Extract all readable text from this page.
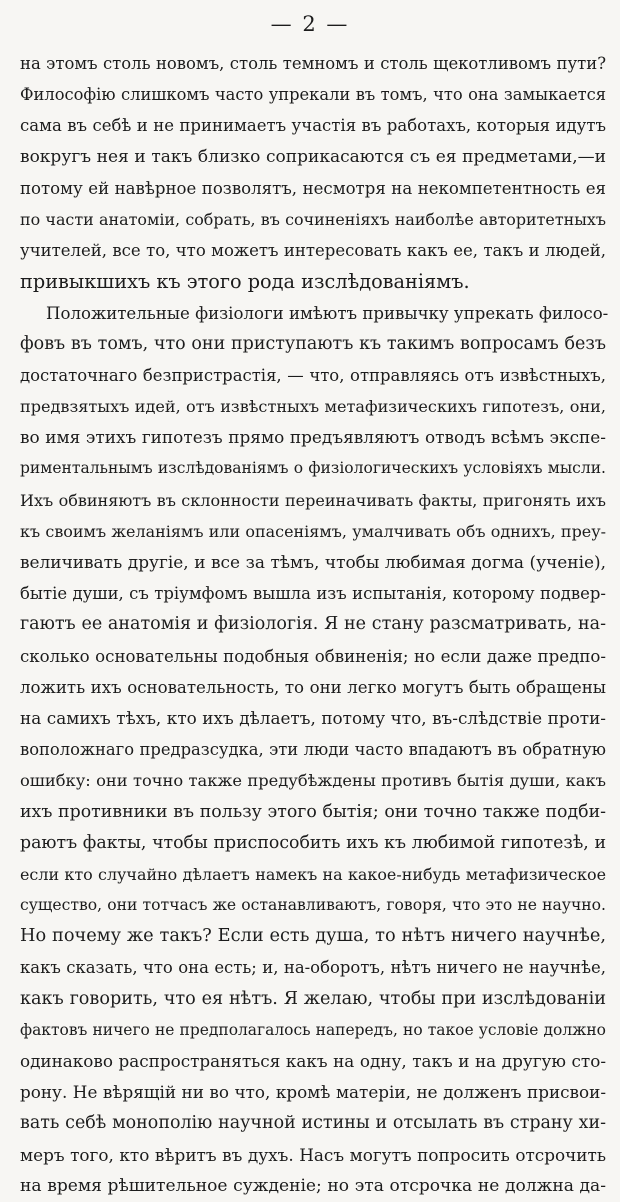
— 2 —
на этомъ столь новомъ, столь темномъ и столь щекотливомъ пути?
Философію слишкомъ часто упрекали въ томъ, что она замыкается
сама въ себѣ и не принимаетъ участія въ работахъ, которыя идутъ
вокругъ нея и такъ близко соприкасаются съ ея предметами,—и
потому ей навѣрное позволятъ, несмотря на некомпетентность ея
по части анатоміи, собрать, въ сочиненіяхъ наиболѣе авторитетныхъ
учителей, все то, что можетъ интересовать какъ ее, такъ и людей,
привыкшихъ къ этого рода изслѣдованіямъ.
Положительные физіологи имѣютъ привычку упрекать филосо-
фовъ въ томъ, что они приступаютъ къ такимъ вопросамъ безъ
достаточнаго безпристрастія, — что, отправляясь отъ извѣстныхъ,
предвзятыхъ идей, отъ извѣстныхъ метафизическихъ гипотезъ, они,
во имя этихъ гипотезъ прямо предъявляютъ отводъ всѣмъ экспе-
риментальнымъ изслѣдованіямъ о физіологическихъ условіяхъ мысли.
Ихъ обвиняютъ въ склонности переиначивать факты, пригонять ихъ
къ своимъ желаніямъ или опасеніямъ, умалчивать объ однихъ, преу-
величивать другіе, и все за тѣмъ, чтобы любимая догма (ученіе),
бытіе души, съ тріумфомъ вышла изъ испытанія, которому подвер-
гаютъ ее анатомія и физіологія. Я не стану разсматривать, на-
сколько основательны подобныя обвиненія; но если даже предпо-
ложить ихъ основательность, то они легко могутъ быть обращены
на самихъ тѣхъ, кто ихъ дѣлаетъ, потому что, въ-слѣдствіе проти-
воположнаго предразсудка, эти люди часто впадаютъ въ обратную
ошибку: они точно также предубѣждены противъ бытія души, какъ
ихъ противники въ пользу этого бытія; они точно также подби-
раютъ факты, чтобы приспособить ихъ къ любимой гипотезѣ, и
если кто случайно дѣлаетъ намекъ на какое-нибудь метафизическое
существо, они тотчасъ же останавливаютъ, говоря, что это не научно.
Но почему же такъ? Если есть душа, то нѣтъ ничего научнѣе,
какъ сказать, что она есть; и, на-оборотъ, нѣтъ ничего не научнѣе,
какъ говорить, что ея нѣтъ. Я желаю, чтобы при изслѣдованіи
фактовъ ничего не предполагалось напередъ, но такое условіе должно
одинаково распространяться какъ на одну, такъ и на другую сто-
рону. Не вѣрящій ни во что, кромѣ матеріи, не долженъ присвои-
вать себѣ монополію научной истины и отсылать въ страну хи-
меръ того, кто вѣритъ въ духъ. Насъ могутъ попросить отсрочить
на время рѣшительное сужденіе; но эта отсрочка не должна да-
